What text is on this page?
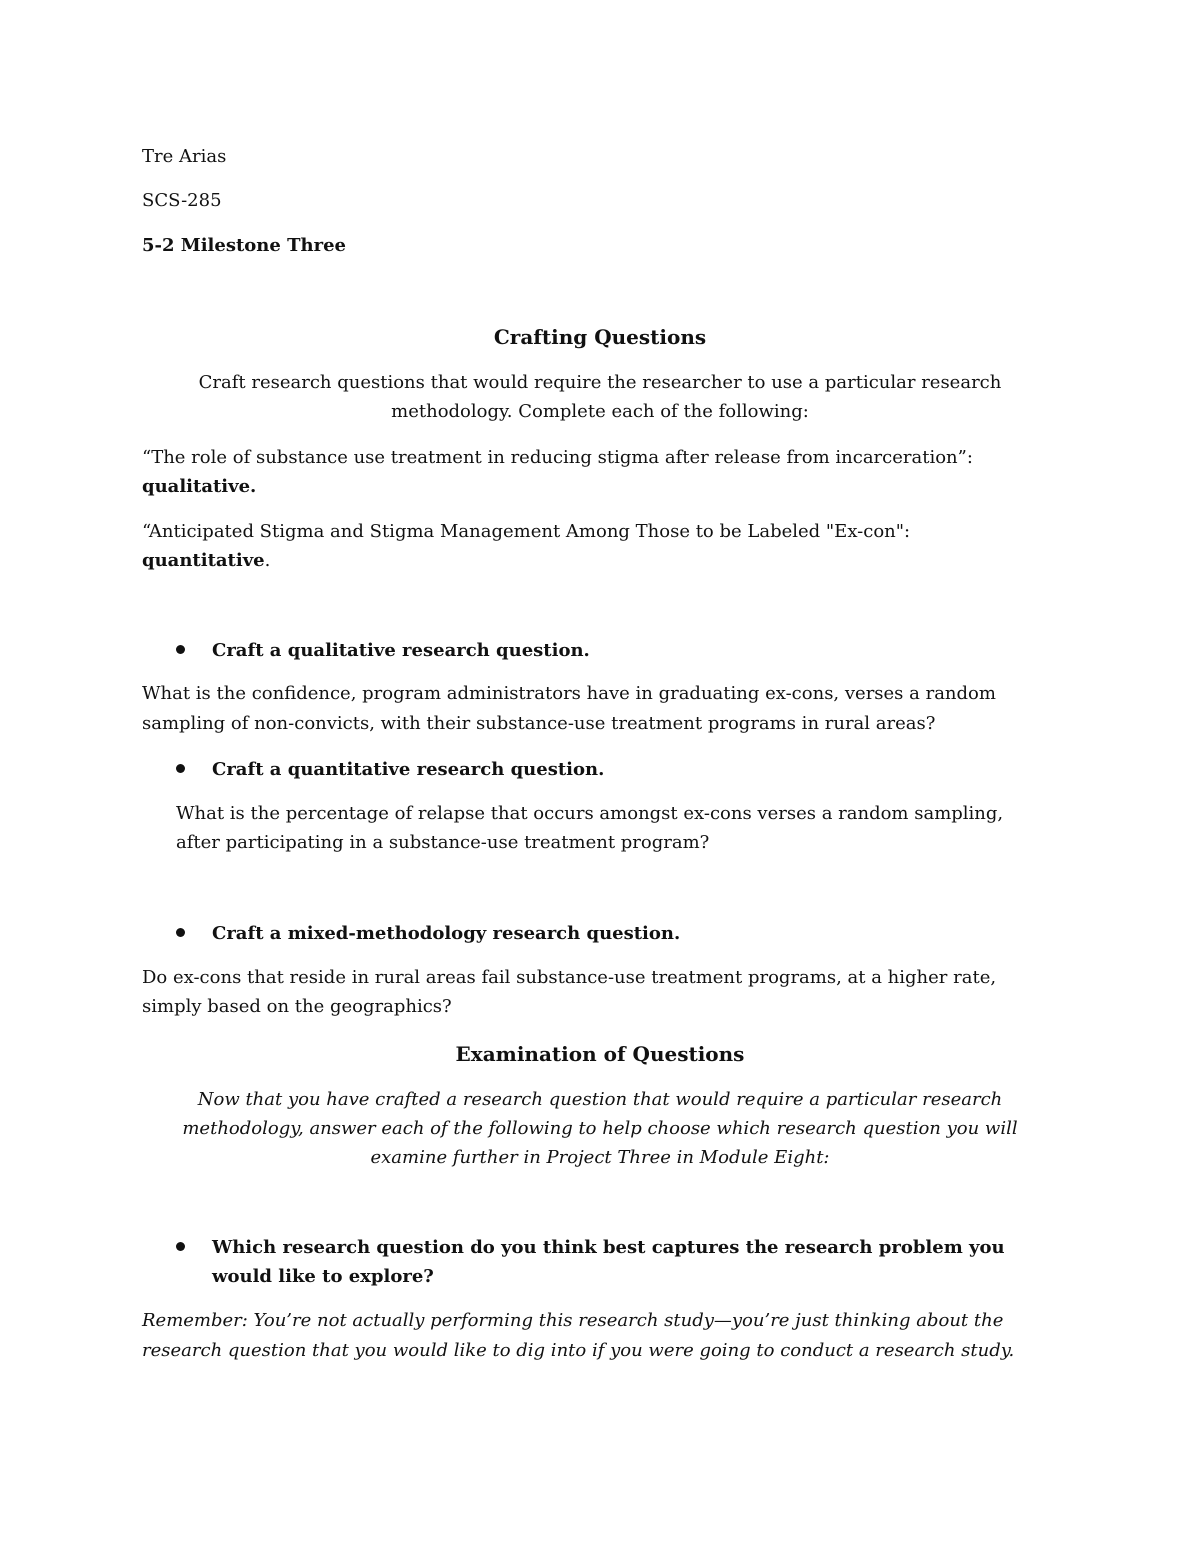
Tre Arias

SCS-285

5-2 Milestone Three

Crafting Questions

Craft research questions that would require the researcher to use a particular research

methodology. Complete each of the following:

“The role of substance use treatment in reducing stigma after release from incarceration”:

qualitative.

“Anticipated Stigma and Stigma Management Among Those to be Labeled "Ex-con":

quantitative.

Craft a qualitative research question.

What is the confidence, program administrators have in graduating ex-cons, verses a random

sampling of non-convicts, with their substance-use treatment programs in rural areas?

Craft a quantitative research question.

What is the percentage of relapse that occurs amongst ex-cons verses a random sampling,

after participating in a substance-use treatment program?

Craft a mixed-methodology research question.

Do ex-cons that reside in rural areas fail substance-use treatment programs, at a higher rate,

simply based on the geographics?

Examination of Questions

Now that you have crafted a research question that would require a particular research

methodology, answer each of the following to help choose which research question you will

examine further in Project Three in Module Eight:

Which research question do you think best captures the research problem you

would like to explore?

Remember: You’re not actually performing this research study—you’re just thinking about the

research question that you would like to dig into if you were going to conduct a research study.
